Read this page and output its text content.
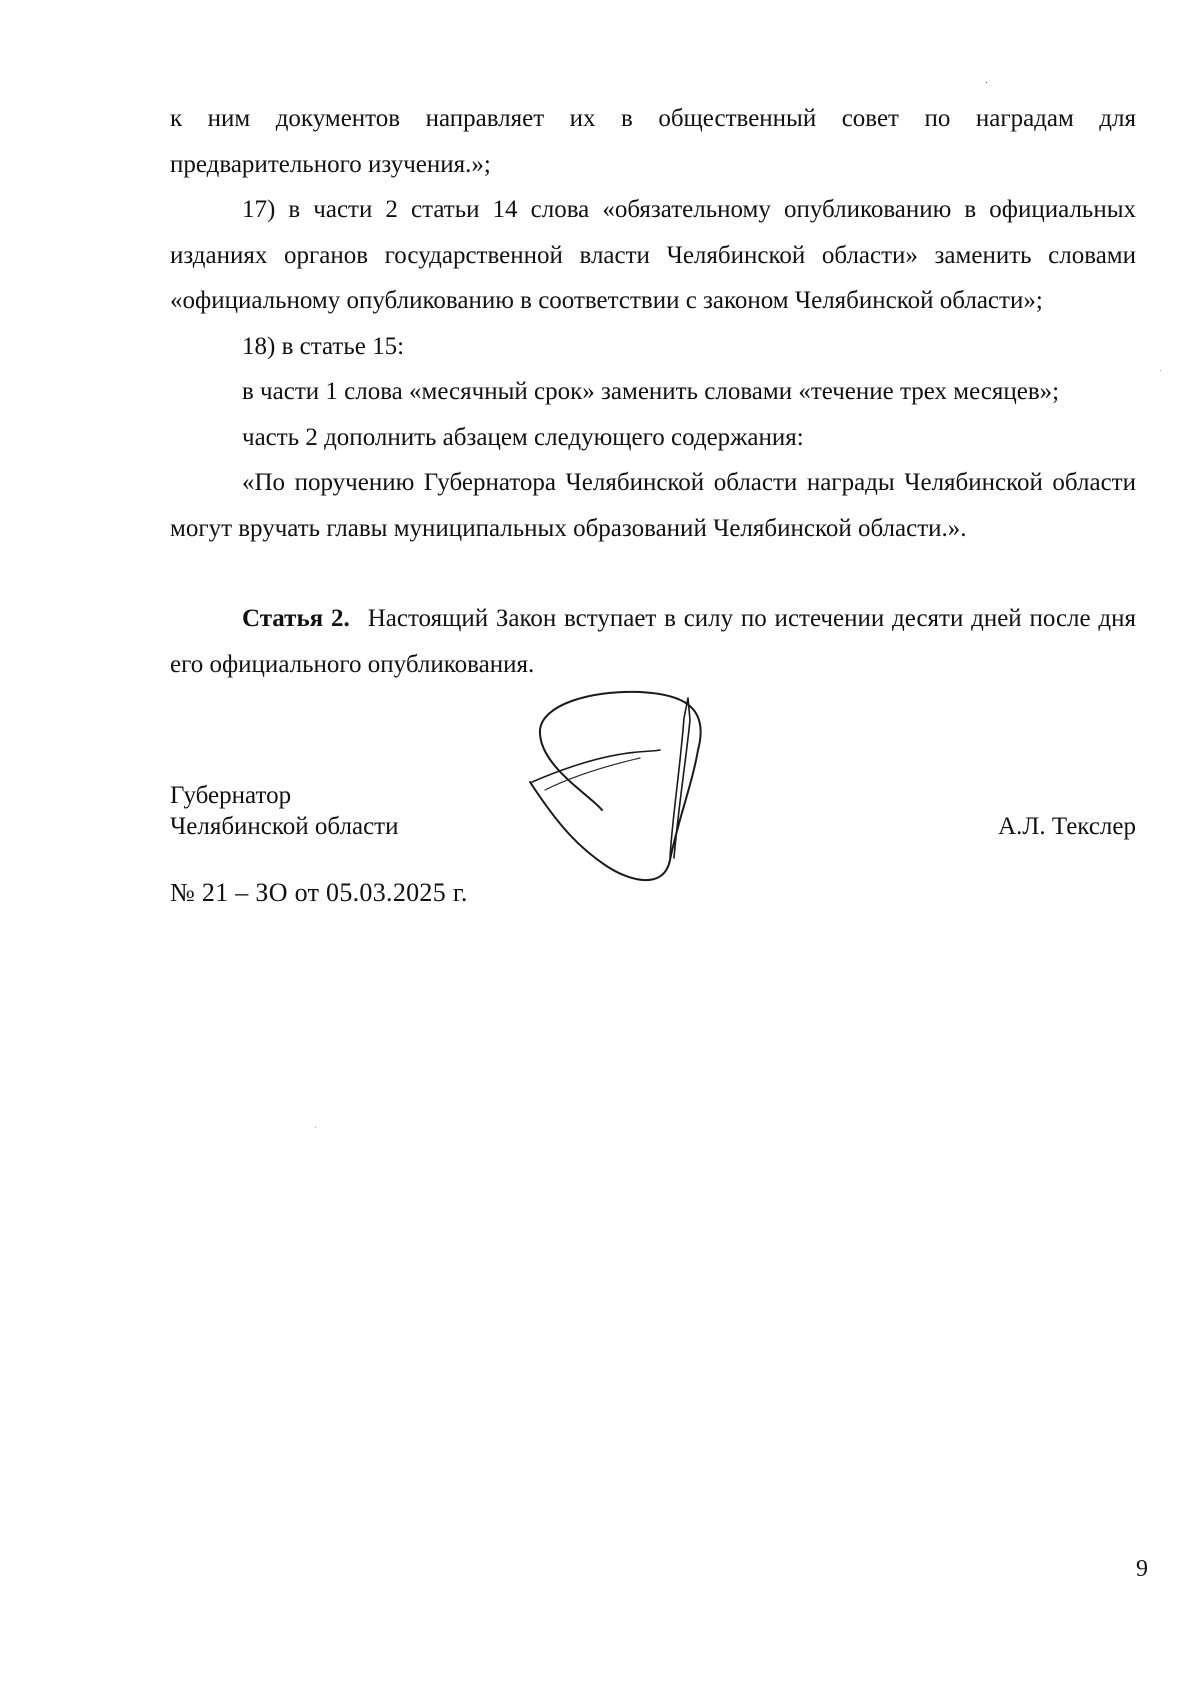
к ним документов направляет их в общественный совет по наградам для предварительного изучения.»;

17) в части 2 статьи 14 слова «обязательному опубликованию в официальных изданиях органов государственной власти Челябинской области» заменить словами «официальному опубликованию в соответствии с законом Челябинской области»;

18) в статье 15:

в части 1 слова «месячный срок» заменить словами «течение трех месяцев»;

часть 2 дополнить абзацем следующего содержания:

«По поручению Губернатора Челябинской области награды Челябинской области могут вручать главы муниципальных образований Челябинской области.».

Статья 2. Настоящий Закон вступает в силу по истечении десяти дней после дня его официального опубликования.

Губернатор
Челябинской области	А.Л. Текслер
№ 21 – ЗО от 05.03.2025 г.
9
